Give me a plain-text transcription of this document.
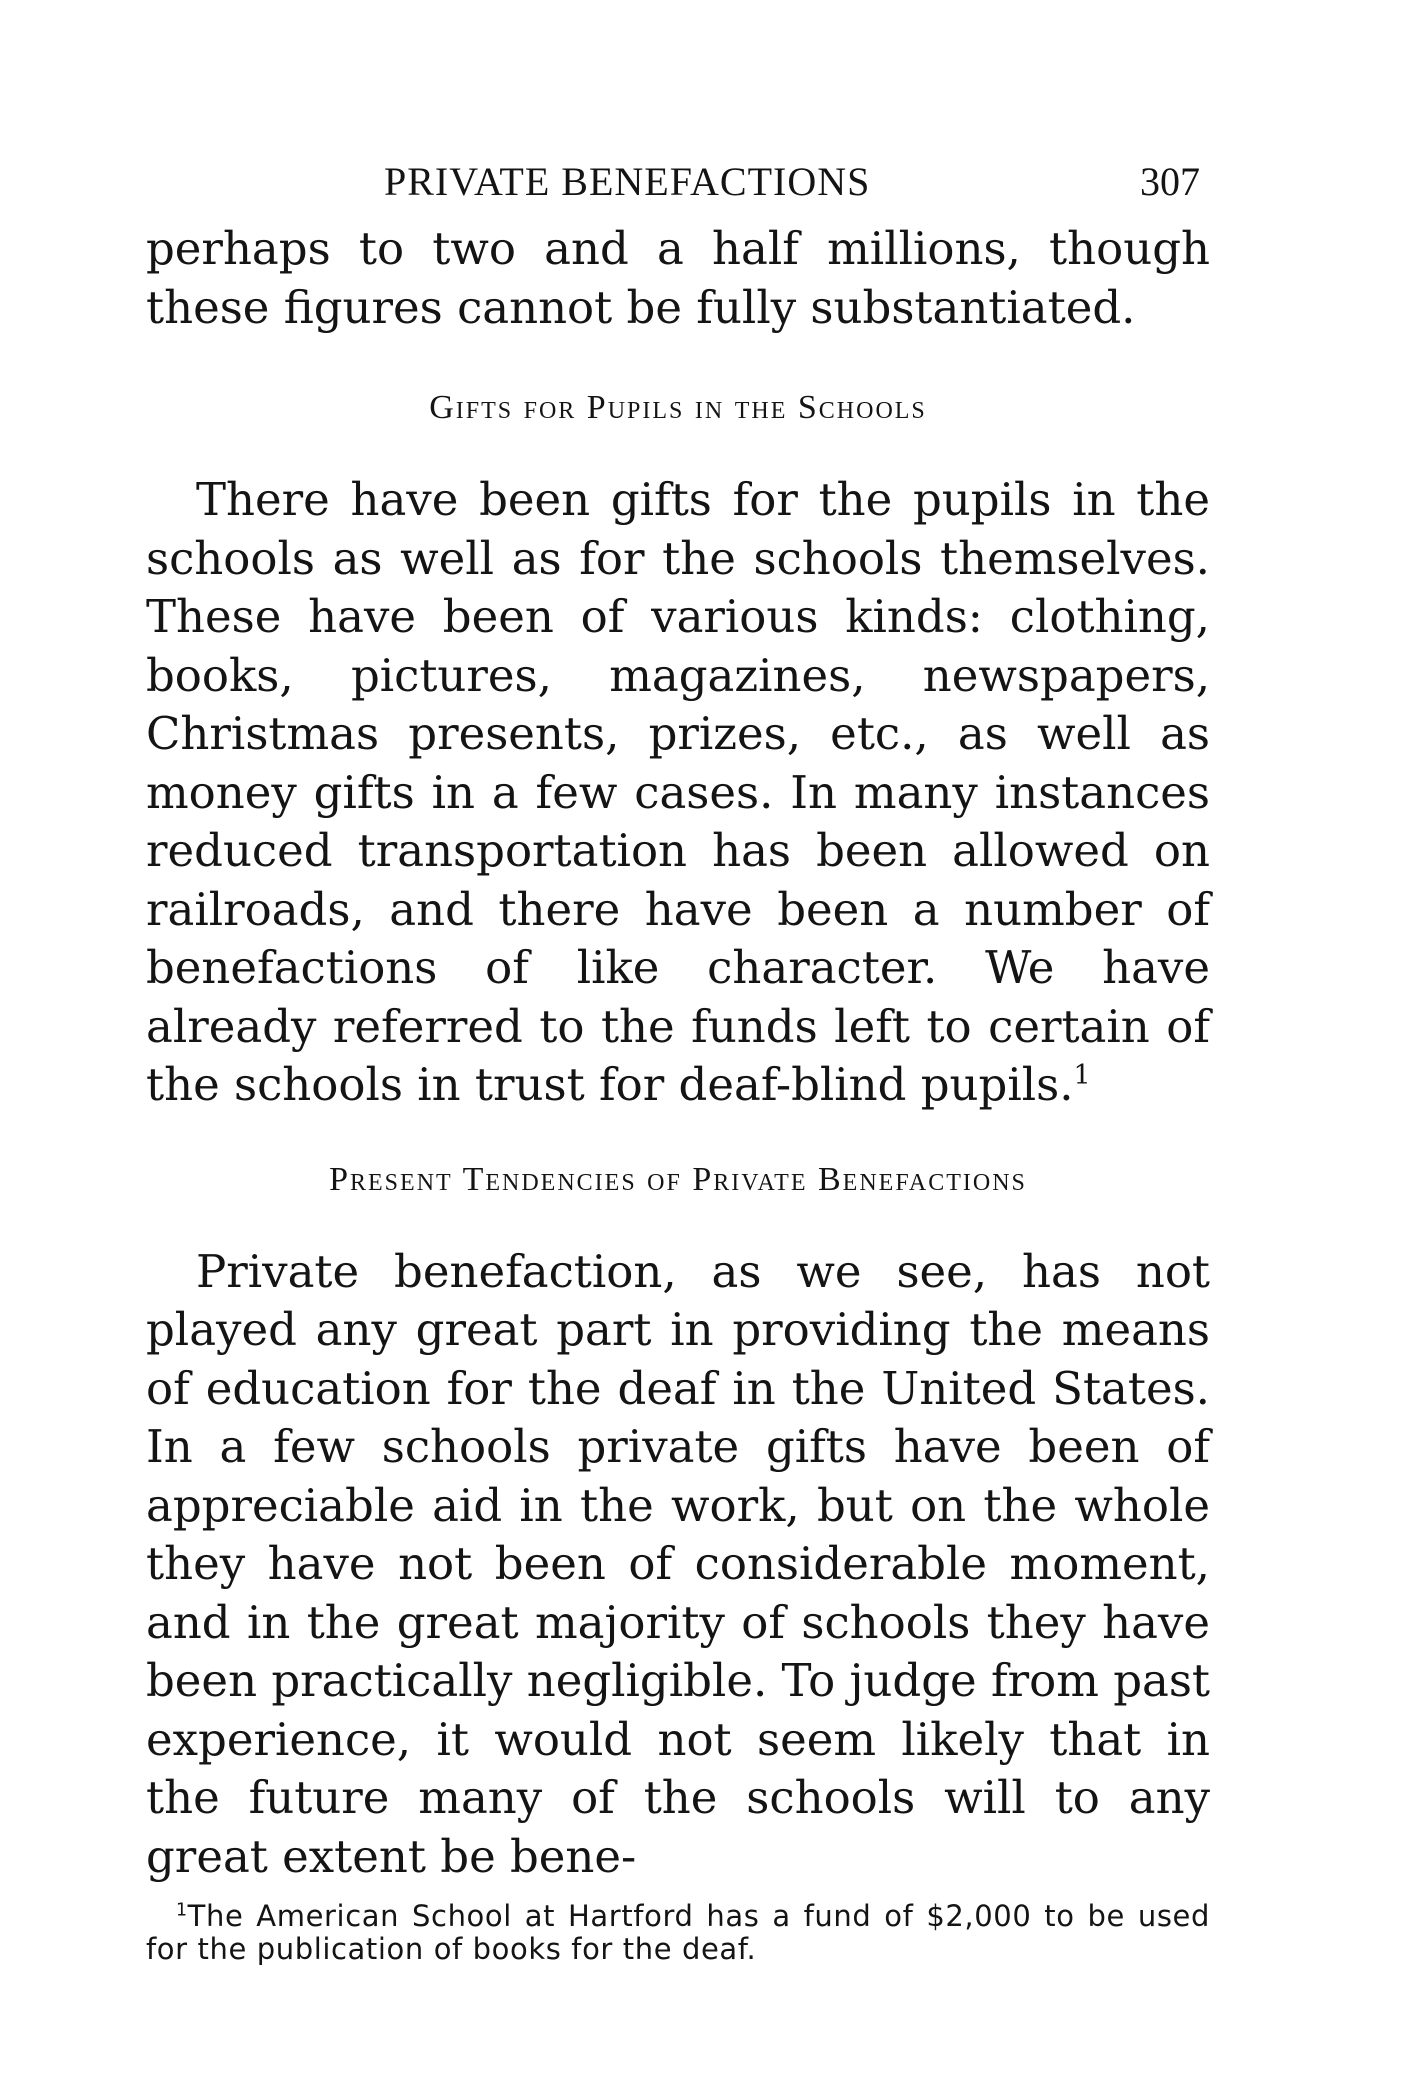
PRIVATE BENEFACTIONS	307

perhaps to two and a half millions, though these figures cannot be fully substantiated.

Gifts for Pupils in the Schools

There have been gifts for the pupils in the schools as well as for the schools themselves. These have been of various kinds: clothing, books, pictures, magazines, newspapers, Christmas presents, prizes, etc., as well as money gifts in a few cases. In many instances reduced transportation has been allowed on railroads, and there have been a number of benefactions of like character. We have already referred to the funds left to certain of the schools in trust for deaf-blind pupils.$^1$

Present Tendencies of Private Benefactions

Private benefaction, as we see, has not played any great part in providing the means of education for the deaf in the United States. In a few schools private gifts have been of appreciable aid in the work, but on the whole they have not been of considerable moment, and in the great majority of schools they have been practically negligible. To judge from past experience, it would not seem likely that in the future many of the schools will to any great extent be bene-

$^1$The American School at Hartford has a fund of $2,000 to be used for the publication of books for the deaf.
